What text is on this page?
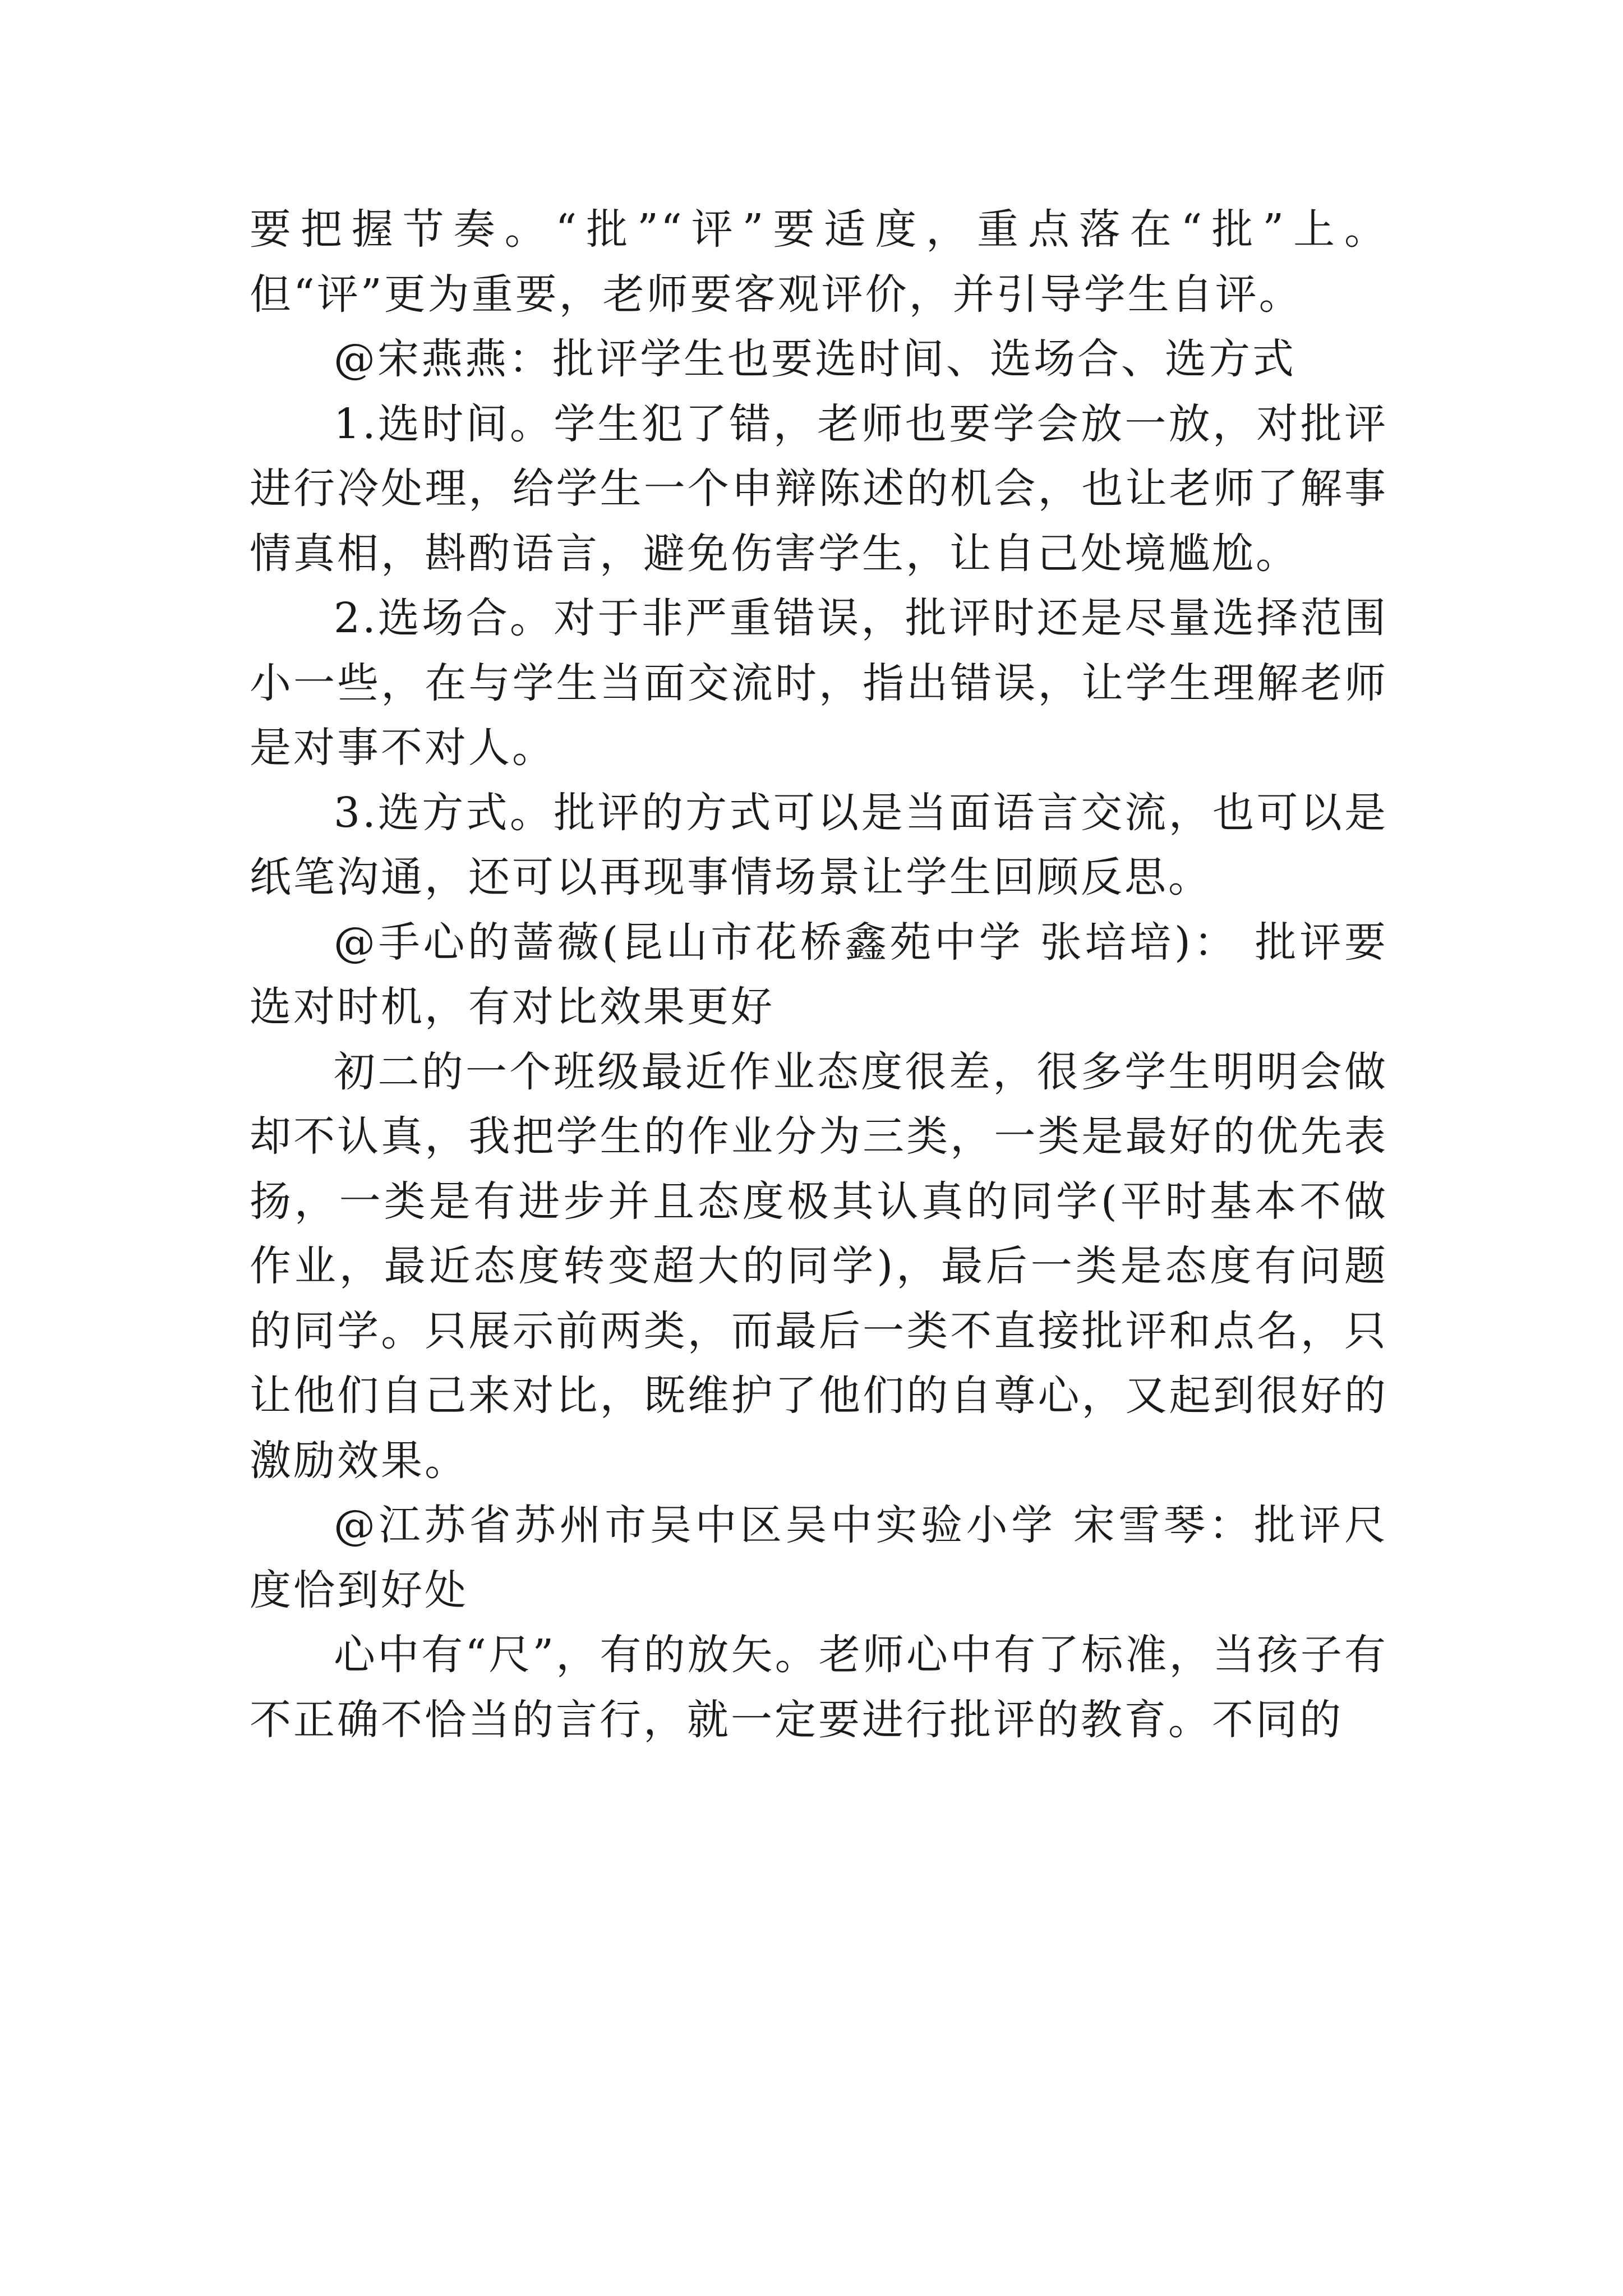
要把握节奏。“批”“评”要适度，重点落在“批”上。但“评”更为重要，老师要客观评价，并引导学生自评。

@宋燕燕：批评学生也要选时间、选场合、选方式

1.选时间。学生犯了错，老师也要学会放一放，对批评进行冷处理，给学生一个申辩陈述的机会，也让老师了解事情真相，斟酌语言，避免伤害学生，让自己处境尴尬。

2.选场合。对于非严重错误，批评时还是尽量选择范围小一些，在与学生当面交流时，指出错误，让学生理解老师是对事不对人。

3.选方式。批评的方式可以是当面语言交流，也可以是纸笔沟通，还可以再现事情场景让学生回顾反思。

@手心的蔷薇(昆山市花桥鑫苑中学 张培培)： 批评要选对时机，有对比效果更好

初二的一个班级最近作业态度很差，很多学生明明会做却不认真，我把学生的作业分为三类，一类是最好的优先表扬，一类是有进步并且态度极其认真的同学(平时基本不做作业，最近态度转变超大的同学)，最后一类是态度有问题的同学。只展示前两类，而最后一类不直接批评和点名，只让他们自己来对比，既维护了他们的自尊心，又起到很好的激励效果。

@江苏省苏州市吴中区吴中实验小学 宋雪琴：批评尺度恰到好处

心中有“尺”，有的放矢。老师心中有了标准，当孩子有不正确不恰当的言行，就一定要进行批评的教育。不同的
